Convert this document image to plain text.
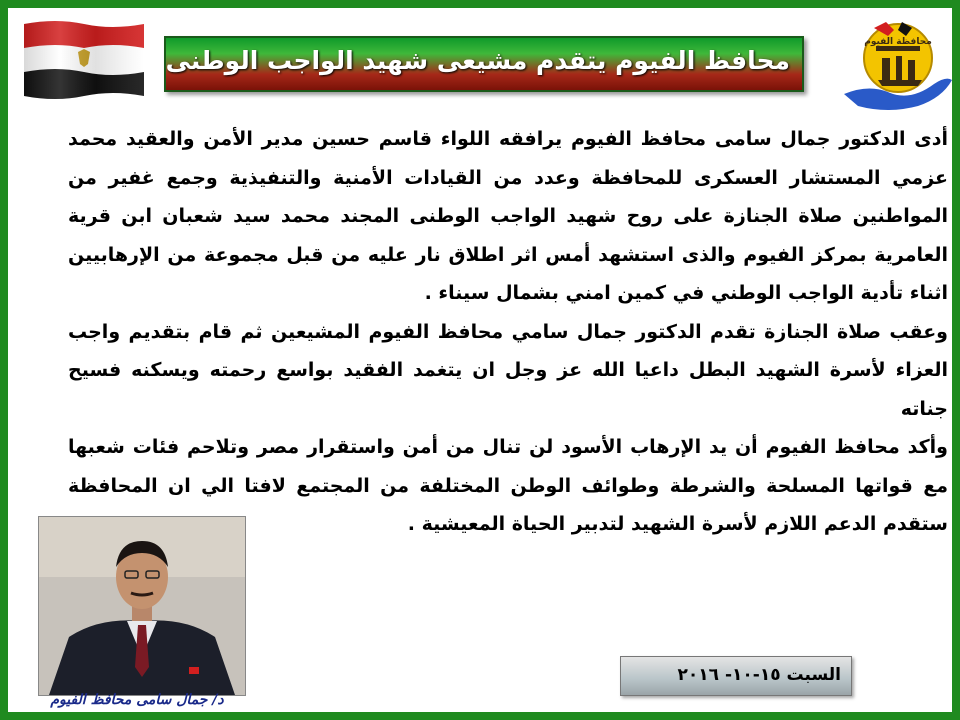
محافظ الفيوم يتقدم مشيعى شهيد الواجب الوطنى
محافظة الفيوم

أدى الدكتور جمال سامى محافظ الفيوم يرافقه اللواء قاسم حسين مدير الأمن والعقيد محمد عزمي المستشار العسكرى للمحافظة وعدد من القيادات الأمنية والتنفيذية وجمع غفير من المواطنين صلاة الجنازة على روح شهيد الواجب الوطنى المجند محمد سيد شعبان ابن قرية العامرية بمركز الفيوم والذى استشهد أمس اثر اطلاق نار عليه من قبل مجموعة من الإرهابيين اثناء تأدية الواجب الوطني في كمين امني بشمال سيناء .

وعقب صلاة الجنازة تقدم الدكتور جمال سامي محافظ الفيوم المشيعين ثم قام بتقديم واجب العزاء لأسرة الشهيد البطل داعيا الله عز وجل ان يتغمد الفقيد بواسع رحمته ويسكنه فسيح جناته

وأكد محافظ الفيوم أن يد الإرهاب الأسود لن تنال من أمن واستقرار مصر وتلاحم فئات شعبها مع قواتها المسلحة والشرطة وطوائف الوطن المختلفة من المجتمع لافتا الي ان المحافظة ستقدم الدعم اللازم لأسرة الشهيد لتدبير الحياة المعيشية .

د/ جمال سامى محافظ الفيوم
السبت ١٥-١٠- ٢٠١٦
